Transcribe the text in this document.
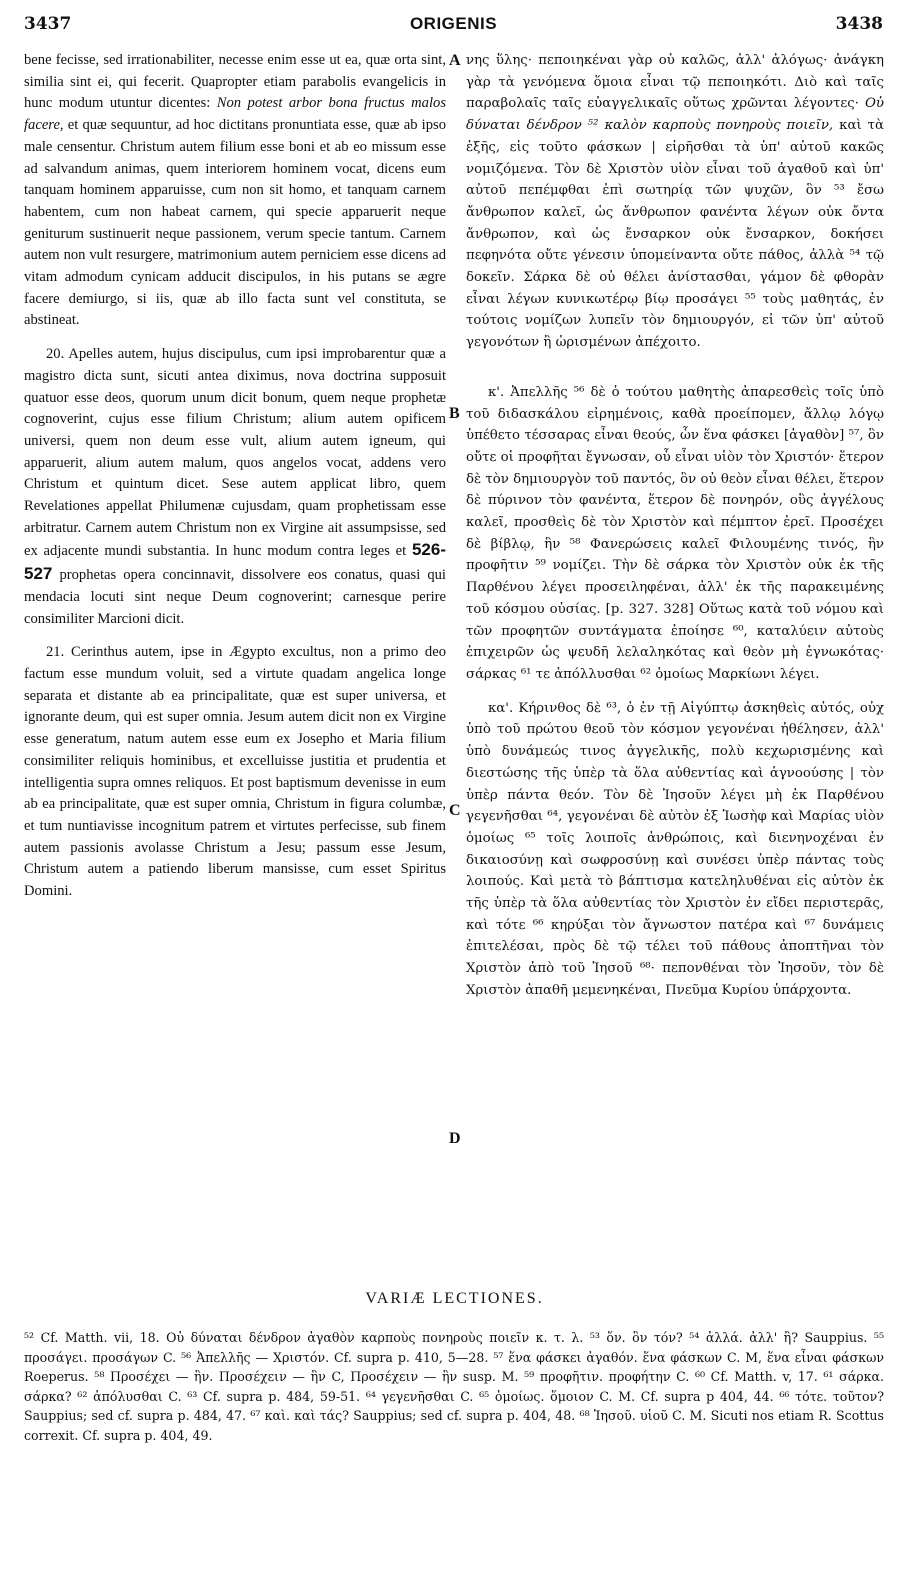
3437	ORIGENIS	3438

bene fecisse, sed irrationabiliter, necesse enim esse ut ea, quæ orta sint, similia sint ei, qui fecerit. Quapropter etiam parabolis evangelicis in hunc modum utuntur dicentes: Non potest arbor bona fructus malos facere, et quæ sequuntur, ad hoc dictitans pronuntiata esse, quæ ab ipso male censentur. Christum autem filium esse boni et ab eo missum esse ad salvandum animas, quem interiorem hominem vocat, dicens eum tanquam hominem apparuisse, cum non sit homo, et tanquam carnem habentem, cum non habeat carnem, qui specie apparuerit neque geniturum sustinuerit neque passionem, verum specie tantum. Carnem autem non vult resurgere, matrimonium autem perniciem esse dicens ad vitam admodum cynicam adducit discipulos, in his putans se ægre facere demiurgo, si iis, quæ ab illo facta sunt vel constituta, se abstineat.

20. Apelles autem, hujus discipulus, cum ipsi improbarentur quæ a magistro dicta sunt, sicuti antea diximus, nova doctrina supposuit quatuor esse deos, quorum unum dicit bonum, quem neque prophetæ cognoverint, cujus esse filium Christum; alium autem opificem universi, quem non deum esse vult, alium autem igneum, qui apparuerit, alium autem malum, quos angelos vocat, addens vero Christum et quintum dicet. Sese autem applicat libro, quem Revelationes appellat Philumenæ cujusdam, quam prophetissam esse arbitratur. Carnem autem Christum non ex Virgine ait assumpsisse, sed ex adjacente mundi substantia. In hunc modum contra leges et 526-527 prophetas opera concinnavit, dissolvere eos conatus, quasi qui mendacia locuti sint neque Deum cognoverint; carnesque perire consimiliter Marcioni dicit.

21. Cerinthus autem, ipse in Ægypto excultus, non a primo deo factum esse mundum voluit, sed a virtute quadam angelica longe separata et distante ab ea principalitate, quæ est super universa, et ignorante deum, qui est super omnia. Jesum autem dicit non ex Virgine esse generatum, natum autem esse eum ex Josepho et Maria filium consimiliter reliquis hominibus, et excelluisse justitia et prudentia et intelligentia supra omnes reliquos. Et post baptismum devenisse in eum ab ea principalitate, quæ est super omnia, Christum in figura columbæ, et tum nuntiavisse incognitum patrem et virtutes perfecisse, sub finem autem passionis avolasse Christum a Jesu; passum esse Jesum, Christum autem a patiendo liberum mansisse, cum esset Spiritus Domini.

A
B
C
D

νης ὕλης· πεποιηκέναι γὰρ οὐ καλῶς, ἀλλ' ἀλόγως· ἀνάγκη γὰρ τὰ γενόμενα ὅμοια εἶναι τῷ πεποιηκότι. Διὸ καὶ ταῖς παραβολαῖς ταῖς εὐαγγελικαῖς οὕτως χρῶνται λέγοντες· Οὐ δύναται δένδρον ⁵² καλὸν καρποὺς πονηροὺς ποιεῖν, καὶ τὰ ἑξῆς, εἰς τοῦτο φάσκων | εἰρῆσθαι τὰ ὑπ' αὐτοῦ κακῶς νομιζόμενα. Τὸν δὲ Χριστὸν υἱὸν εἶναι τοῦ ἀγαθοῦ καὶ ὑπ' αὐτοῦ πεπέμφθαι ἐπὶ σωτηρίᾳ τῶν ψυχῶν, ὃν ⁵³ ἔσω ἄνθρωπον καλεῖ, ὡς ἄνθρωπον φανέντα λέγων οὐκ ὄντα ἄνθρωπον, καὶ ὡς ἔνσαρκον οὐκ ἔνσαρκον, δοκήσει πεφηνότα οὔτε γένεσιν ὑπομείναντα οὔτε πάθος, ἀλλὰ ⁵⁴ τῷ δοκεῖν. Σάρκα δὲ οὐ θέλει ἀνίστασθαι, γάμον δὲ φθορὰν εἶναι λέγων κυνικωτέρῳ βίῳ προσάγει ⁵⁵ τοὺς μαθητάς, ἐν τούτοις νομίζων λυπεῖν τὸν δημιουργόν, εἰ τῶν ὑπ' αὐτοῦ γεγονότων ἢ ὡρισμένων ἀπέχοιτο.

κ'. Ἀπελλῆς ⁵⁶ δὲ ὁ τούτου μαθητὴς ἀπαρεσθεὶς τοῖς ὑπὸ τοῦ διδασκάλου εἰρημένοις, καθὰ προείπομεν, ἄλλῳ λόγῳ ὑπέθετο τέσσαρας εἶναι θεούς, ὧν ἕνα φάσκει [ἀγαθὸν] ⁵⁷, ὃν οὔτε οἱ προφῆται ἔγνωσαν, οὗ εἶναι υἱὸν τὸν Χριστόν· ἕτερον δὲ τὸν δημιουργὸν τοῦ παντός, ὃν οὐ θεὸν εἶναι θέλει, ἕτερον δὲ πύρινον τὸν φανέντα, ἕτερον δὲ πονηρόν, οὓς ἀγγέλους καλεῖ, προσθεὶς δὲ τὸν Χριστὸν καὶ πέμπτον ἐρεῖ. Προσέχει δὲ βίβλῳ, ἣν ⁵⁸ Φανερώσεις καλεῖ Φιλουμένης τινός, ἣν προφῆτιν ⁵⁹ νομίζει. Τὴν δὲ σάρκα τὸν Χριστὸν οὐκ ἐκ τῆς Παρθένου λέγει προσειληφέναι, ἀλλ' ἐκ τῆς παρακειμένης τοῦ κόσμου οὐσίας. [p. 327. 328] Οὕτως κατὰ τοῦ νόμου καὶ τῶν προφητῶν συντάγματα ἐποίησε ⁶⁰, καταλύειν αὐτοὺς ἐπιχειρῶν ὡς ψευδῆ λελαληκότας καὶ θεὸν μὴ ἐγνωκότας· σάρκας ⁶¹ τε ἀπόλλυσθαι ⁶² ὁμοίως Μαρκίωνι λέγει.

κα'. Κήρινθος δὲ ⁶³, ὁ ἐν τῇ Αἰγύπτῳ ἀσκηθεὶς αὐτός, οὐχ ὑπὸ τοῦ πρώτου θεοῦ τὸν κόσμον γεγονέναι ἠθέλησεν, ἀλλ' ὑπὸ δυνάμεώς τινος ἀγγελικῆς, πολὺ κεχωρισμένης καὶ διεστώσης τῆς ὑπὲρ τὰ ὅλα αὐθεντίας καὶ ἀγνοούσης | τὸν ὑπὲρ πάντα θεόν. Τὸν δὲ Ἰησοῦν λέγει μὴ ἐκ Παρθένου γεγενῆσθαι ⁶⁴, γεγονέναι δὲ αὐτὸν ἐξ Ἰωσὴφ καὶ Μαρίας υἱὸν ὁμοίως ⁶⁵ τοῖς λοιποῖς ἀνθρώποις, καὶ διενηνοχέναι ἐν δικαιοσύνῃ καὶ σωφροσύνῃ καὶ συνέσει ὑπὲρ πάντας τοὺς λοιπούς. Καὶ μετὰ τὸ βάπτισμα κατεληλυθέναι εἰς αὐτὸν ἐκ τῆς ὑπὲρ τὰ ὅλα αὐθεντίας τὸν Χριστὸν ἐν εἴδει περιστερᾶς, καὶ τότε ⁶⁶ κηρύξαι τὸν ἄγνωστον πατέρα καὶ ⁶⁷ δυνάμεις ἐπιτελέσαι, πρὸς δὲ τῷ τέλει τοῦ πάθους ἀποπτῆναι τὸν Χριστὸν ἀπὸ τοῦ Ἰησοῦ ⁶⁸· πεπονθέναι τὸν Ἰησοῦν, τὸν δὲ Χριστὸν ἀπαθῆ μεμενηκέναι, Πνεῦμα Κυρίου ὑπάρχοντα.

VARIÆ LECTIONES.

⁵² Cf. Matth. vii, 18. Οὐ δύναται δένδρον ἀγαθὸν καρποὺς πονηροὺς ποιεῖν κ. τ. λ. ⁵³ ὅν. ὃν τόν? ⁵⁴ ἀλλά. ἀλλ' ἢ? Sauppius. ⁵⁵ προσάγει. προσάγων C. ⁵⁶ Ἀπελλῆς — Χριστόν. Cf. supra p. 410, 5—28. ⁵⁷ ἕνα φάσκει ἀγαθόν. ἕνα φάσκων C. M, ἕνα εἶναι φάσκων Roeperus. ⁵⁸ Προσέχει — ἣν. Προσέχειν — ἣν C, Προσέχειν — ἣν susp. M. ⁵⁹ προφῆτιν. προφήτην C. ⁶⁰ Cf. Matth. v, 17. ⁶¹ σάρκα. σάρκα? ⁶² ἀπόλυσθαι C. ⁶³ Cf. supra p. 484, 59-51. ⁶⁴ γεγενῆσθαι C. ⁶⁵ ὁμοίως. ὅμοιον C. M. Cf. supra p 404, 44. ⁶⁶ τότε. τοῦτον? Sauppius; sed cf. supra p. 484, 47. ⁶⁷ καὶ. καὶ τάς? Sauppius; sed cf. supra p. 404, 48. ⁶⁸ Ἰησοῦ. υἱοῦ C. M. Sicuti nos etiam R. Scottus correxit. Cf. supra p. 404, 49.
